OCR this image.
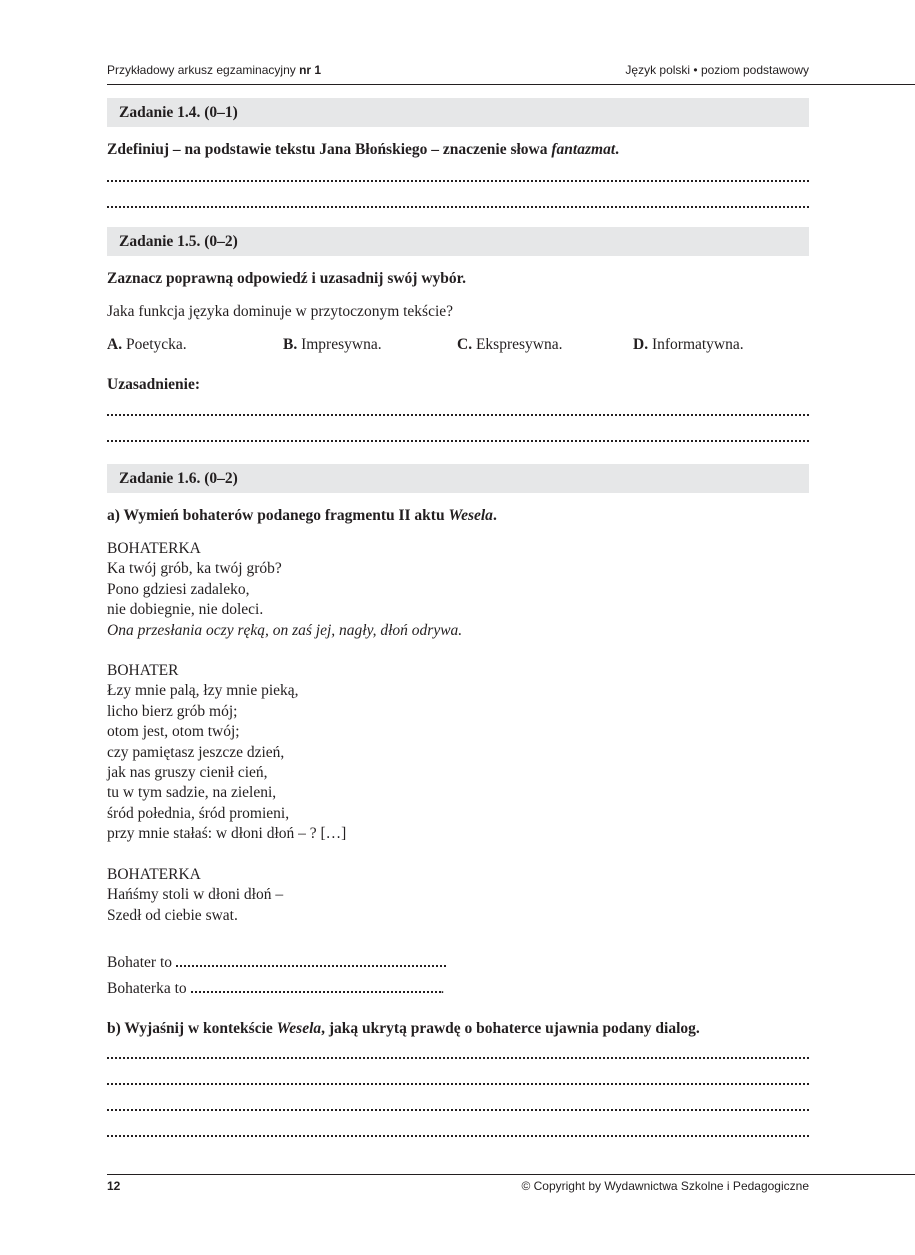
Przykładowy arkusz egzaminacyjny nr 1	Język polski • poziom podstawowy
Zadanie 1.4. (0–1)
Zdefiniuj – na podstawie tekstu Jana Błońskiego – znaczenie słowa fantazmat.
Zadanie 1.5. (0–2)
Zaznacz poprawną odpowiedź i uzasadnij swój wybór.
Jaka funkcja języka dominuje w przytoczonym tekście?
A. Poetycka.	B. Impresywna.	C. Ekspresywna.	D. Informatywna.
Uzasadnienie:
Zadanie 1.6. (0–2)
a) Wymień bohaterów podanego fragmentu II aktu Wesela.
BOHATERKA
Ka twój grób, ka twój grób?
Pono gdziesi zadaleko,
nie dobiegnie, nie doleci.
Ona przesłania oczy ręką, on zaś jej, nagły, dłoń odrywa.
BOHATER
Łzy mnie palą, łzy mnie pieką,
licho bierz grób mój;
otom jest, otom twój;
czy pamiętasz jeszcze dzień,
jak nas gruszy cienił cień,
tu w tym sadzie, na zieleni,
śród połednia, śród promieni,
przy mnie stałaś: w dłoni dłoń – ? […]
BOHATERKA
Hańśmy stoli w dłoni dłoń –
Szedł od ciebie swat.
Bohater to
Bohaterka to	.
b) Wyjaśnij w kontekście Wesela, jaką ukrytą prawdę o bohaterce ujawnia podany dialog.
12	© Copyright by Wydawnictwa Szkolne i Pedagogiczne
